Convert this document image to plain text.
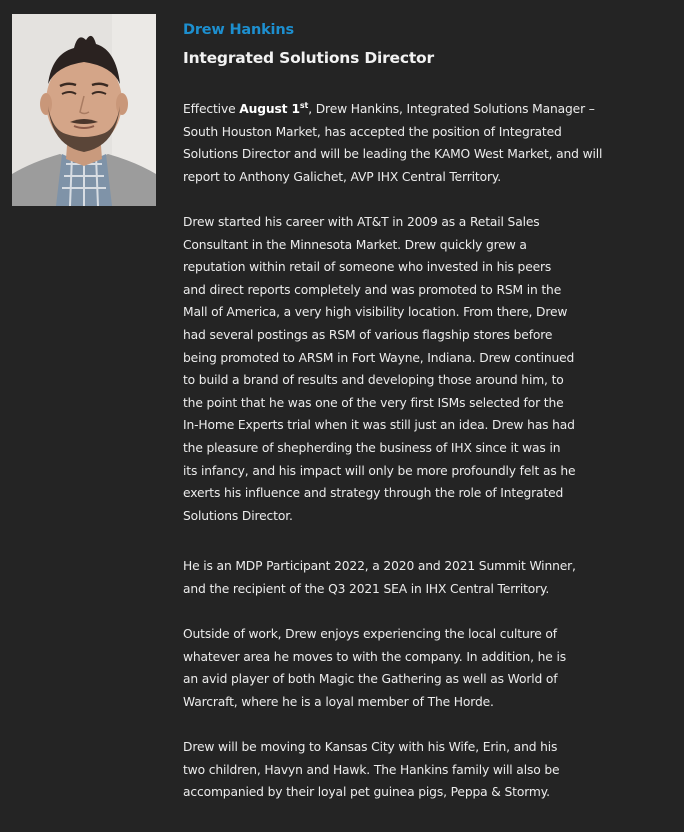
Drew Hankins
Integrated Solutions Director

Effective August 1st, Drew Hankins, Integrated Solutions Manager –
South Houston Market, has accepted the position of Integrated
Solutions Director and will be leading the KAMO West Market, and will
report to Anthony Galichet, AVP IHX Central Territory.

Drew started his career with AT&T in 2009 as a Retail Sales
Consultant in the Minnesota Market. Drew quickly grew a
reputation within retail of someone who invested in his peers
and direct reports completely and was promoted to RSM in the
Mall of America, a very high visibility location. From there, Drew
had several postings as RSM of various flagship stores before
being promoted to ARSM in Fort Wayne, Indiana. Drew continued
to build a brand of results and developing those around him, to
the point that he was one of the very first ISMs selected for the
In-Home Experts trial when it was still just an idea. Drew has had
the pleasure of shepherding the business of IHX since it was in
its infancy, and his impact will only be more profoundly felt as he
exerts his influence and strategy through the role of Integrated
Solutions Director.

He is an MDP Participant 2022, a 2020 and 2021 Summit Winner,
and the recipient of the Q3 2021 SEA in IHX Central Territory.

Outside of work, Drew enjoys experiencing the local culture of
whatever area he moves to with the company. In addition, he is
an avid player of both Magic the Gathering as well as World of
Warcraft, where he is a loyal member of The Horde.

Drew will be moving to Kansas City with his Wife, Erin, and his
two children, Havyn and Hawk. The Hankins family will also be
accompanied by their loyal pet guinea pigs, Peppa & Stormy.
